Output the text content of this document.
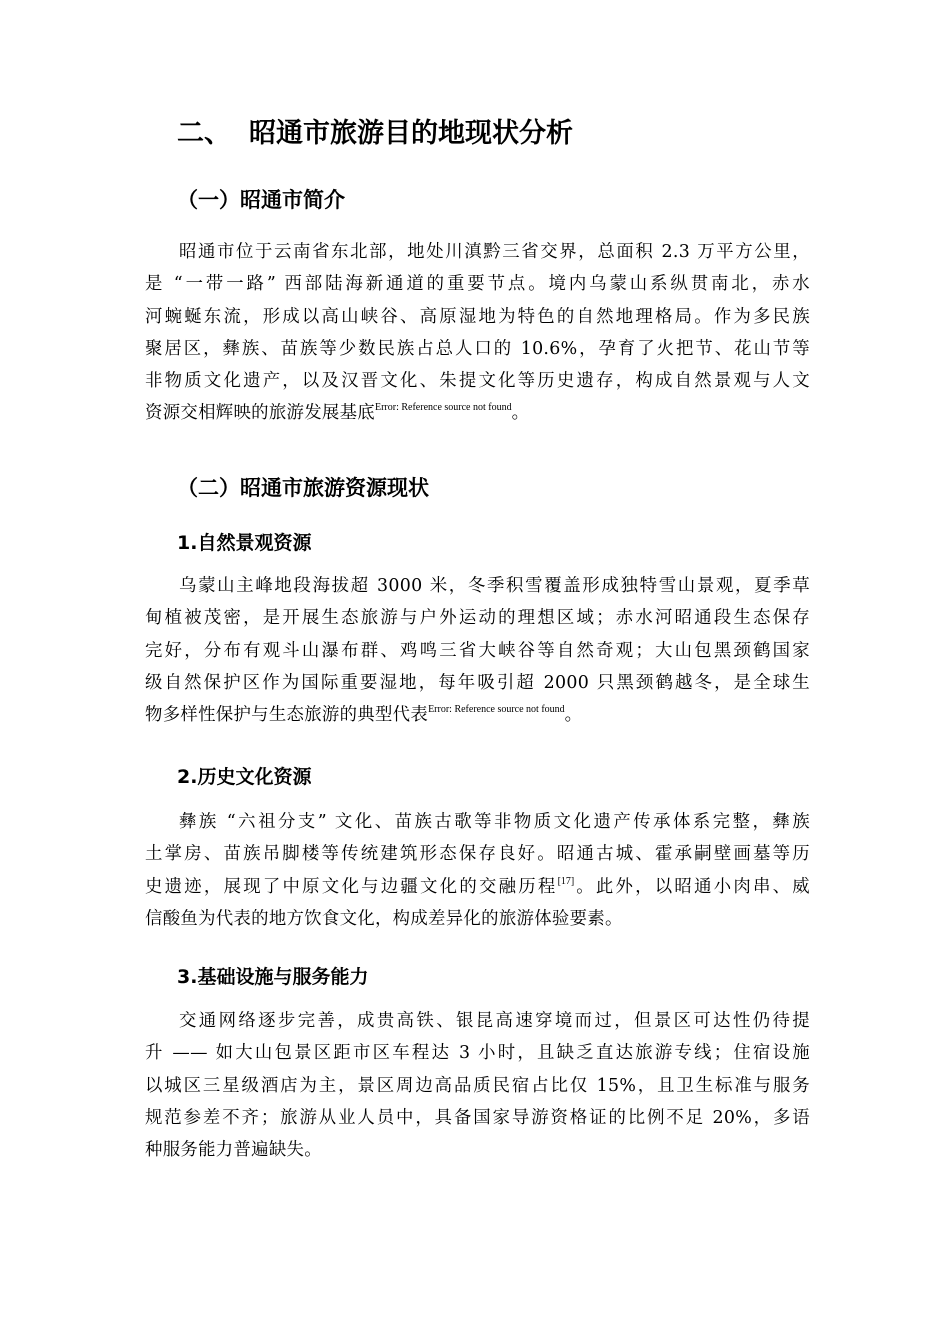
二、 昭通市旅游目的地现状分析
（一）昭通市简介
昭通市位于云南省东北部，地处川滇黔三省交界，总面积 2.3 万平方公里，
是 “一带一路” 西部陆海新通道的重要节点。境内乌蒙山系纵贯南北，赤水
河蜿蜒东流，形成以高山峡谷、高原湿地为特色的自然地理格局。作为多民族
聚居区，彝族、苗族等少数民族占总人口的 10.6%，孕育了火把节、花山节等
非物质文化遗产，以及汉晋文化、朱提文化等历史遗存，构成自然景观与人文
资源交相辉映的旅游发展基底$^{Error: Reference source not found}$。
（二）昭通市旅游资源现状
1.自然景观资源
乌蒙山主峰地段海拔超 3000 米，冬季积雪覆盖形成独特雪山景观，夏季草
甸植被茂密，是开展生态旅游与户外运动的理想区域；赤水河昭通段生态保存
完好，分布有观斗山瀑布群、鸡鸣三省大峡谷等自然奇观；大山包黑颈鹤国家
级自然保护区作为国际重要湿地，每年吸引超 2000 只黑颈鹤越冬，是全球生
物多样性保护与生态旅游的典型代表$^{Error: Reference source not found}$。
2.历史文化资源
彝族 “六祖分支” 文化、苗族古歌等非物质文化遗产传承体系完整，彝族
土掌房、苗族吊脚楼等传统建筑形态保存良好。昭通古城、霍承嗣壁画墓等历
史遗迹，展现了中原文化与边疆文化的交融历程[17]。此外，以昭通小肉串、威
信酸鱼为代表的地方饮食文化，构成差异化的旅游体验要素。
3.基础设施与服务能力
交通网络逐步完善，成贵高铁、银昆高速穿境而过，但景区可达性仍待提
升 —— 如大山包景区距市区车程达 3 小时，且缺乏直达旅游专线；住宿设施
以城区三星级酒店为主，景区周边高品质民宿占比仅 15%，且卫生标准与服务
规范参差不齐；旅游从业人员中，具备国家导游资格证的比例不足 20%，多语
种服务能力普遍缺失。
